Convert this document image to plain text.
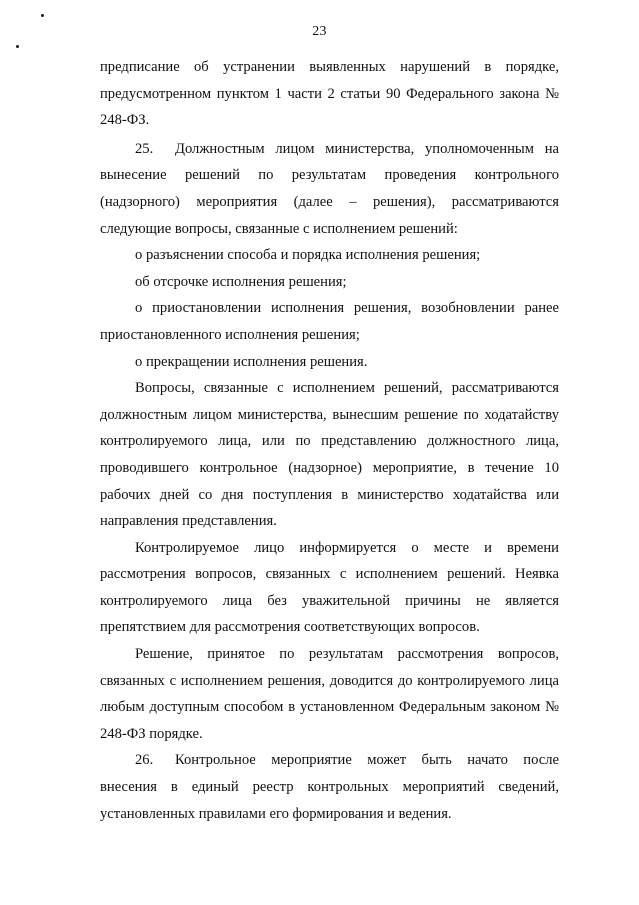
23

предписание об устранении выявленных нарушений в порядке, предусмотренном пунктом 1 части 2 статьи 90 Федерального закона № 248-ФЗ.

25. Должностным лицом министерства, уполномоченным на вынесение решений по результатам проведения контрольного (надзорного) мероприятия (далее – решения), рассматриваются следующие вопросы, связанные с исполнением решений:

о разъяснении способа и порядка исполнения решения;

об отсрочке исполнения решения;

о приостановлении исполнения решения, возобновлении ранее приостановленного исполнения решения;

о прекращении исполнения решения.

Вопросы, связанные с исполнением решений, рассматриваются должностным лицом министерства, вынесшим решение по ходатайству контролируемого лица, или по представлению должностного лица, проводившего контрольное (надзорное) мероприятие, в течение 10 рабочих дней со дня поступления в министерство ходатайства или направления представления.

Контролируемое лицо информируется о месте и времени рассмотрения вопросов, связанных с исполнением решений. Неявка контролируемого лица без уважительной причины не является препятствием для рассмотрения соответствующих вопросов.

Решение, принятое по результатам рассмотрения вопросов, связанных с исполнением решения, доводится до контролируемого лица любым доступным способом в установленном Федеральным законом № 248-ФЗ порядке.

26. Контрольное мероприятие может быть начато после внесения в единый реестр контрольных мероприятий сведений, установленных правилами его формирования и ведения.
